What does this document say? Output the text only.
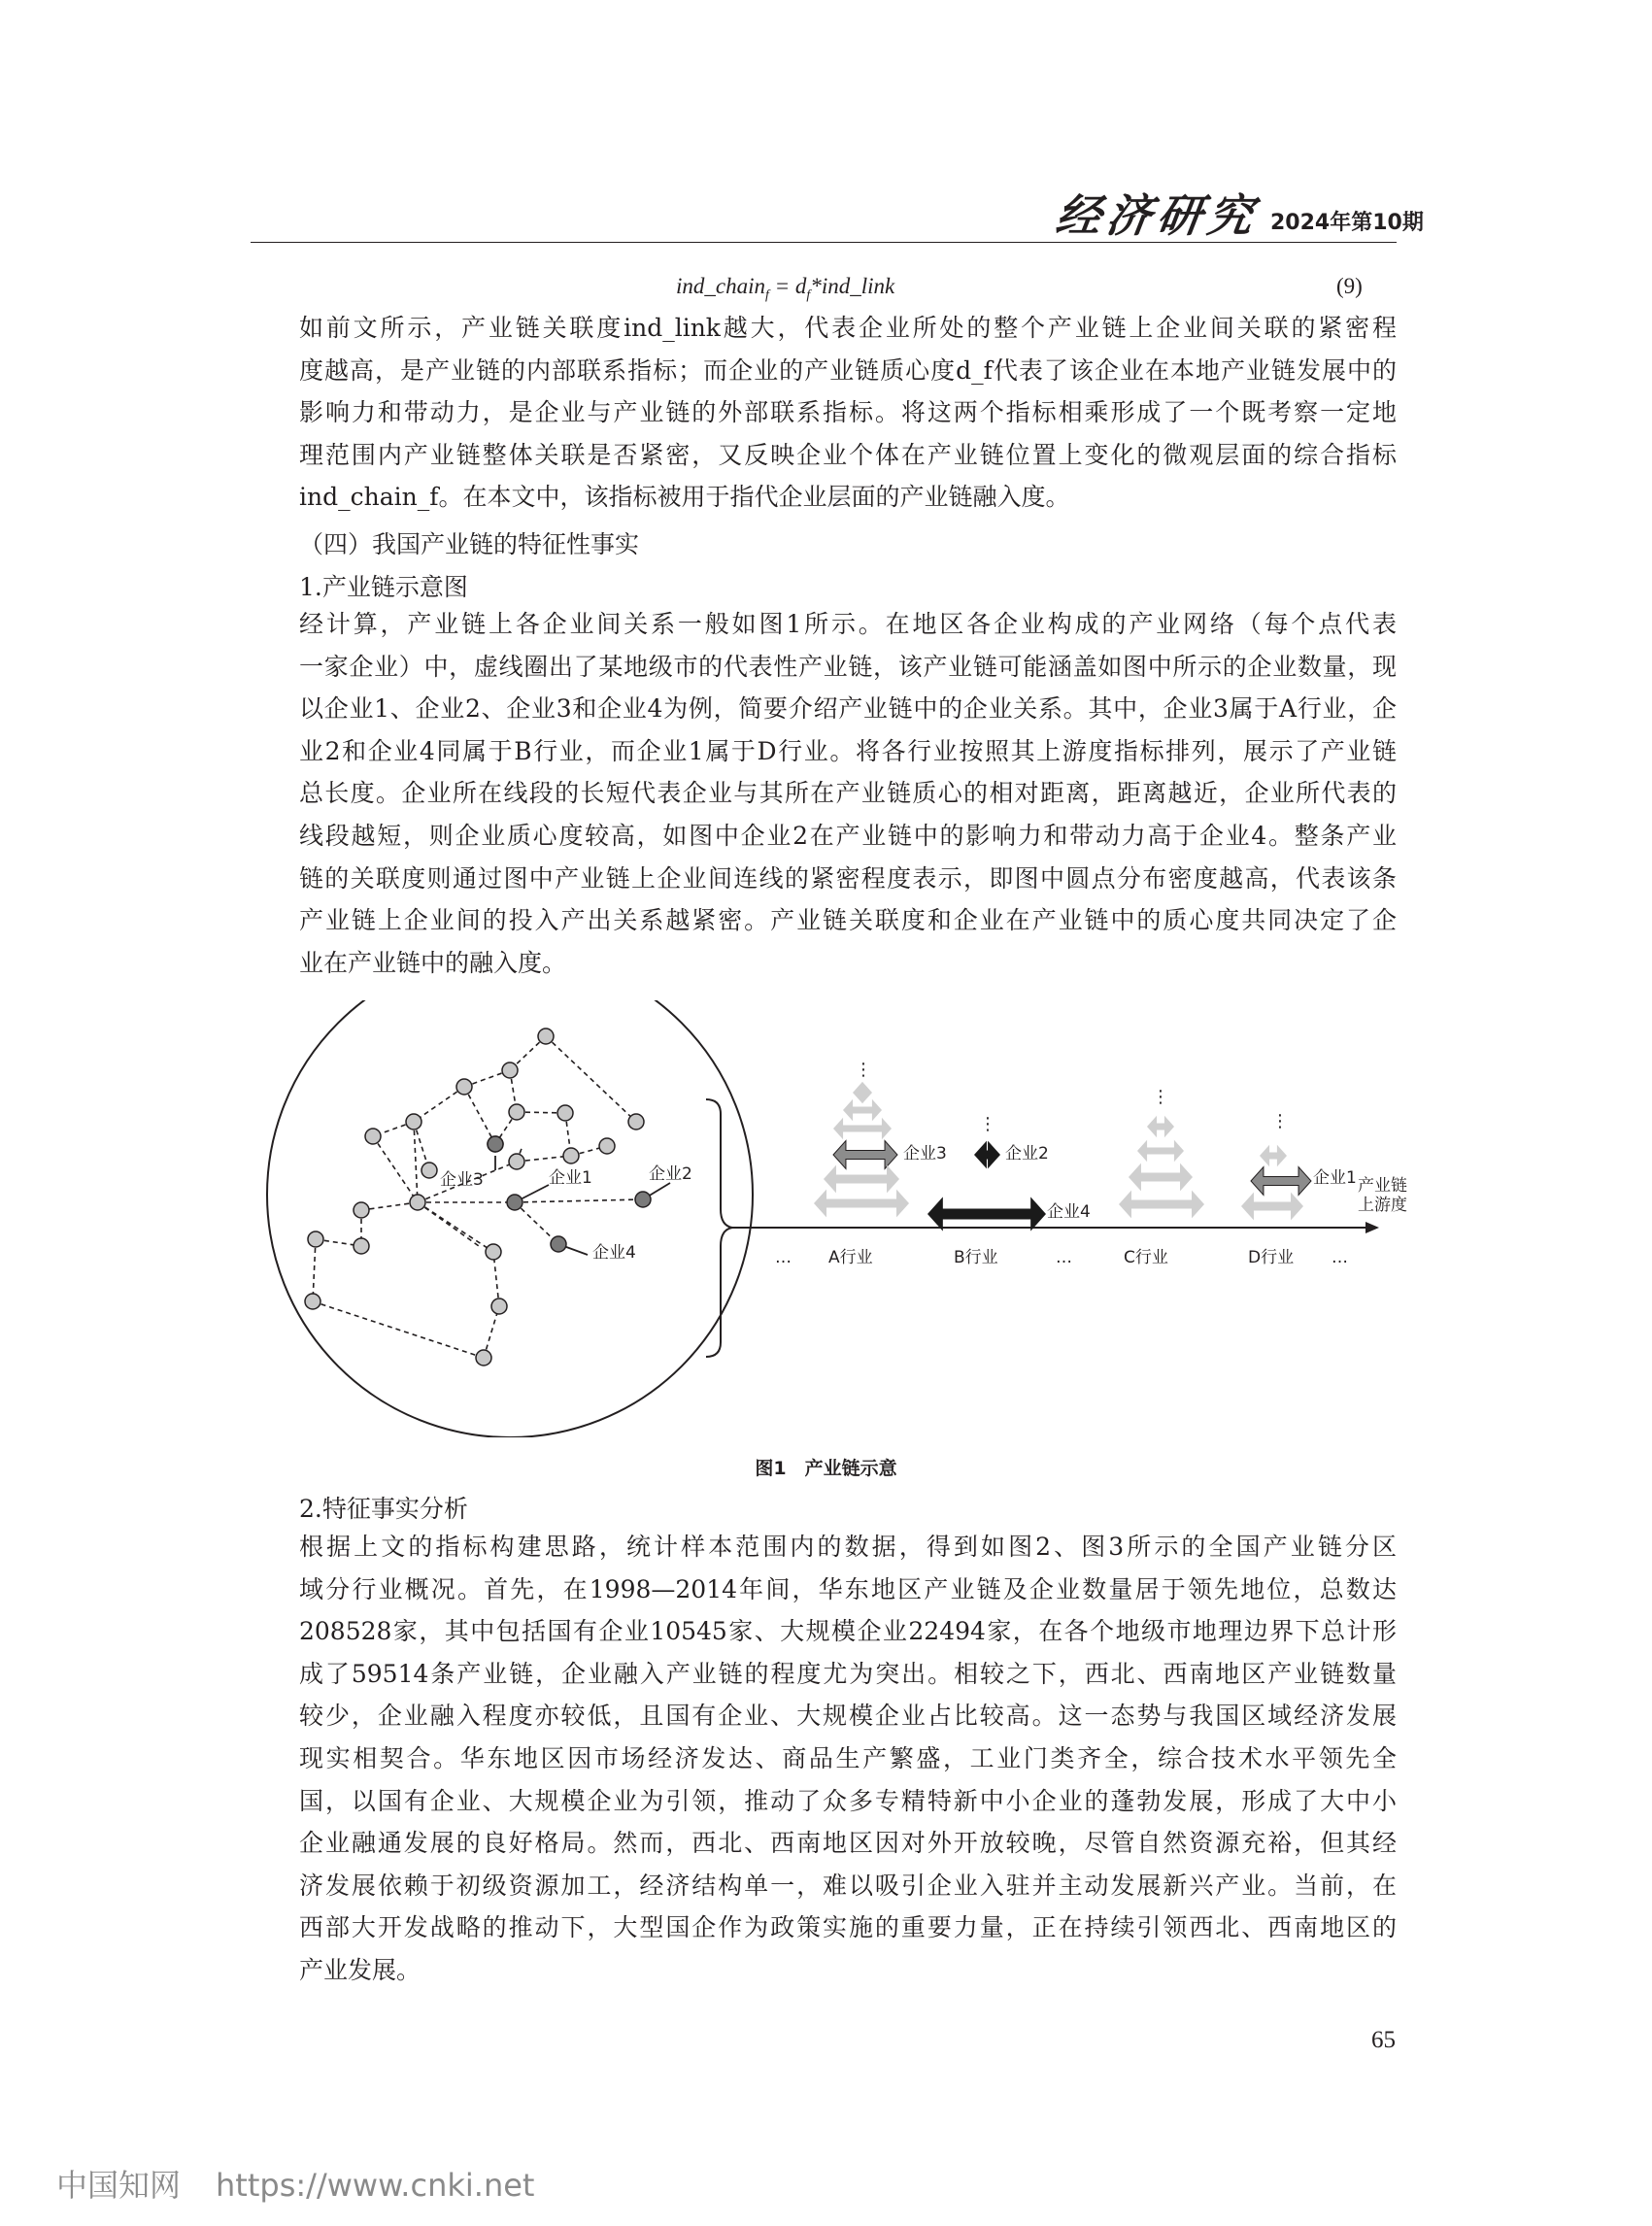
经济研究 2024年第10期
ind_chain$_f$ = $d_f*ind\_link$	(9)
如前文所示，产业链关联度ind_link越大，代表企业所处的整个产业链上企业间关联的紧密程
度越高，是产业链的内部联系指标；而企业的产业链质心度d_f代表了该企业在本地产业链发展中的
影响力和带动力，是企业与产业链的外部联系指标。将这两个指标相乘形成了一个既考察一定地
理范围内产业链整体关联是否紧密，又反映企业个体在产业链位置上变化的微观层面的综合指标
ind_chain_f。在本文中，该指标被用于指代企业层面的产业链融入度。
（四）我国产业链的特征性事实
1.产业链示意图
经计算，产业链上各企业间关系一般如图1所示。在地区各企业构成的产业网络（每个点代表
一家企业）中，虚线圈出了某地级市的代表性产业链，该产业链可能涵盖如图中所示的企业数量，现
以企业1、企业2、企业3和企业4为例，简要介绍产业链中的企业关系。其中，企业3属于A行业，企
业2和企业4同属于B行业，而企业1属于D行业。将各行业按照其上游度指标排列，展示了产业链
总长度。企业所在线段的长短代表企业与其所在产业链质心的相对距离，距离越近，企业所代表的
线段越短，则企业质心度较高，如图中企业2在产业链中的影响力和带动力高于企业4。整条产业
链的关联度则通过图中产业链上企业间连线的紧密程度表示，即图中圆点分布密度越高，代表该条
产业链上企业间的投入产出关系越紧密。产业链关联度和企业在产业链中的质心度共同决定了企
业在产业链中的融入度。
企业1	企业2
企业3
企业4
企业3	企业2
企业4
企业1 产业链
上游度
⋮
⋮
⋮
⋮
… A行业	B行业	…	C行业	D行业 …
图1　产业链示意
2.特征事实分析
根据上文的指标构建思路，统计样本范围内的数据，得到如图2、图3所示的全国产业链分区
域分行业概况。首先，在1998—2014年间，华东地区产业链及企业数量居于领先地位，总数达
208528家，其中包括国有企业10545家、大规模企业22494家，在各个地级市地理边界下总计形
成了59514条产业链，企业融入产业链的程度尤为突出。相较之下，西北、西南地区产业链数量
较少，企业融入程度亦较低，且国有企业、大规模企业占比较高。这一态势与我国区域经济发展
现实相契合。华东地区因市场经济发达、商品生产繁盛，工业门类齐全，综合技术水平领先全
国，以国有企业、大规模企业为引领，推动了众多专精特新中小企业的蓬勃发展，形成了大中小
企业融通发展的良好格局。然而，西北、西南地区因对外开放较晚，尽管自然资源充裕，但其经
济发展依赖于初级资源加工，经济结构单一，难以吸引企业入驻并主动发展新兴产业。当前，在
西部大开发战略的推动下，大型国企作为政策实施的重要力量，正在持续引领西北、西南地区的
产业发展。
65
中国知网 https://www.cnki.net
